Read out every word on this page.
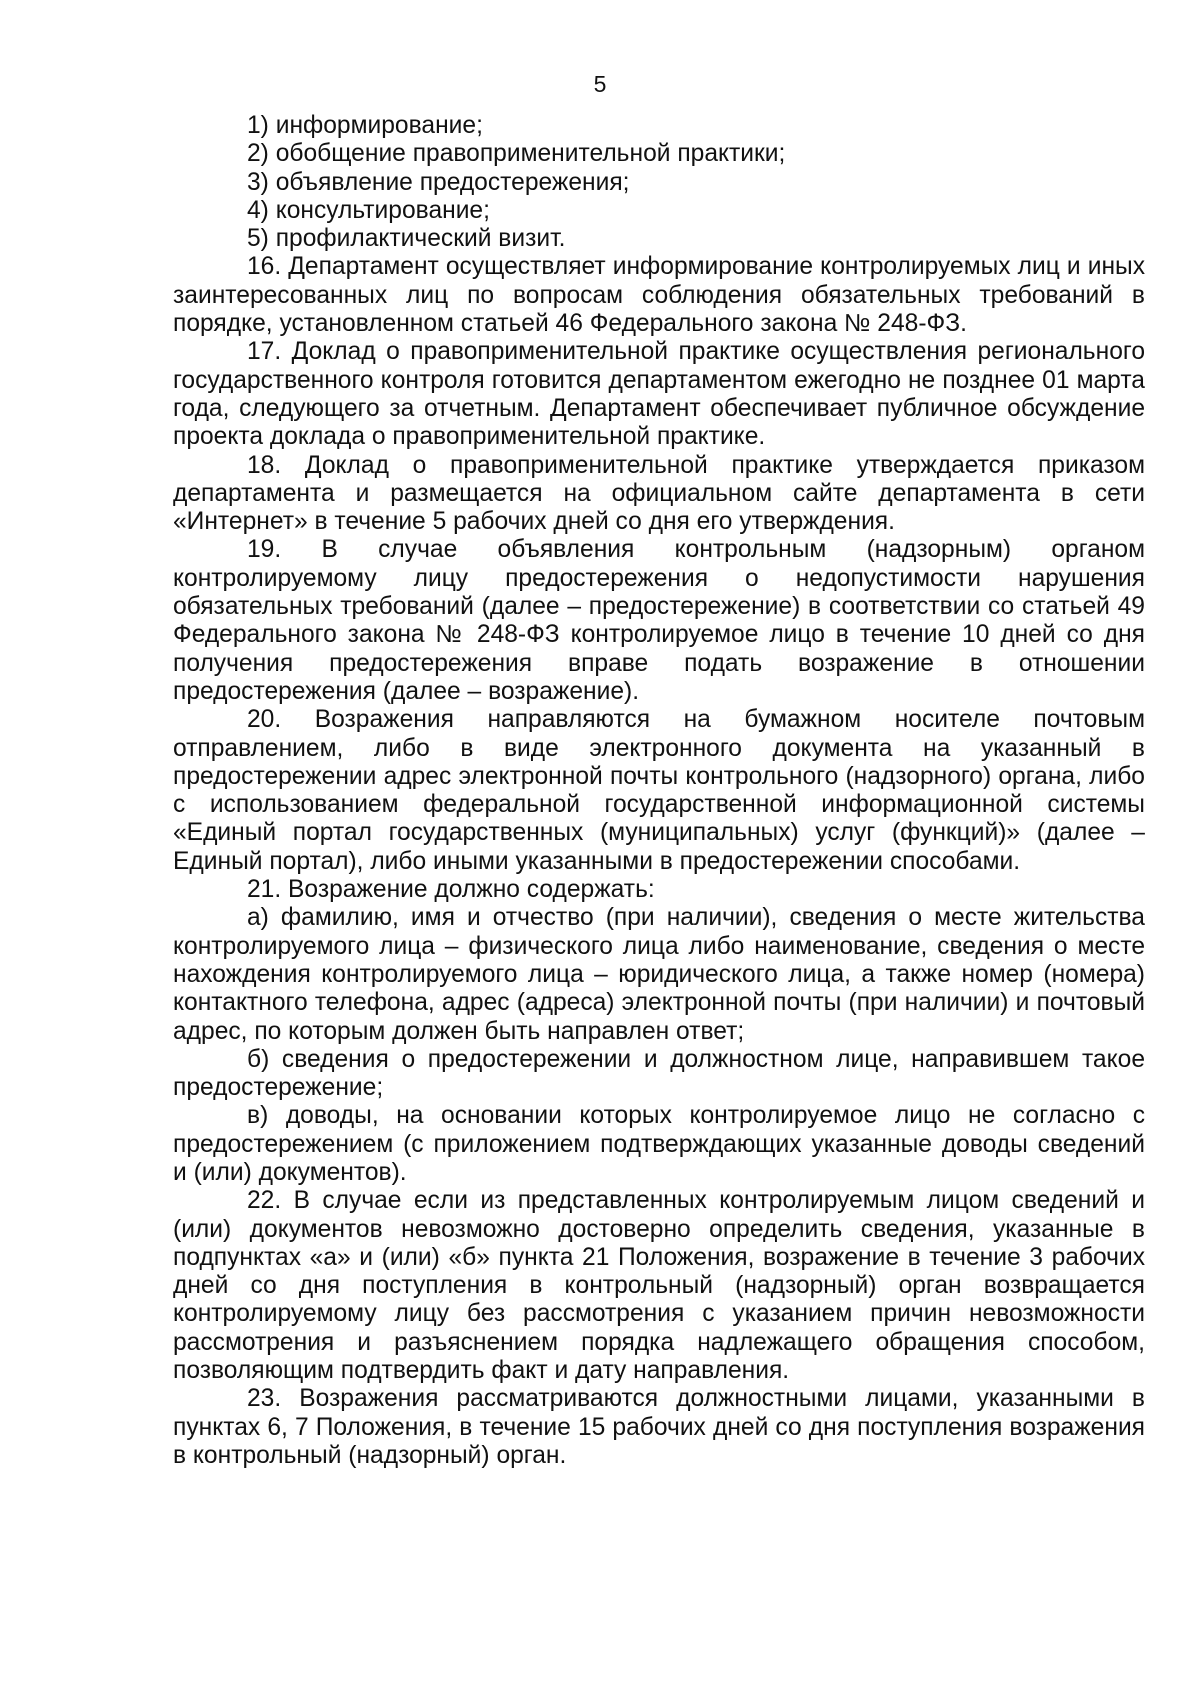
5

1) информирование;

2) обобщение правоприменительной практики;

3) объявление предостережения;

4) консультирование;

5) профилактический визит.

16. Департамент осуществляет информирование контролируемых лиц и иных заинтересованных лиц по вопросам соблюдения обязательных требований в порядке, установленном статьей 46 Федерального закона № 248-ФЗ.

17. Доклад о правоприменительной практике осуществления регионального государственного контроля готовится департаментом ежегодно не позднее 01 марта года, следующего за отчетным. Департамент обеспечивает публичное обсуждение проекта доклада о правоприменительной практике.

18. Доклад о правоприменительной практике утверждается приказом департамента и размещается на официальном сайте департамента в сети «Интернет» в течение 5 рабочих дней со дня его утверждения.

19. В случае объявления контрольным (надзорным) органом контролируемому лицу предостережения о недопустимости нарушения обязательных требований (далее – предостережение) в соответствии со статьей 49 Федерального закона № 248-ФЗ контролируемое лицо в течение 10 дней со дня получения предостережения вправе подать возражение в отношении предостережения (далее – возражение).

20. Возражения направляются на бумажном носителе почтовым отправлением, либо в виде электронного документа на указанный в предостережении адрес электронной почты контрольного (надзорного) органа, либо с использованием федеральной государственной информационной системы «Единый портал государственных (муниципальных) услуг (функций)» (далее – Единый портал), либо иными указанными в предостережении способами.

21. Возражение должно содержать:

а) фамилию, имя и отчество (при наличии), сведения о месте жительства контролируемого лица – физического лица либо наименование, сведения о месте нахождения контролируемого лица – юридического лица, а также номер (номера) контактного телефона, адрес (адреса) электронной почты (при наличии) и почтовый адрес, по которым должен быть направлен ответ;

б) сведения о предостережении и должностном лице, направившем такое предостережение;

в) доводы, на основании которых контролируемое лицо не согласно с предостережением (с приложением подтверждающих указанные доводы сведений и (или) документов).

22. В случае если из представленных контролируемым лицом сведений и (или) документов невозможно достоверно определить сведения, указанные в подпунктах «а» и (или) «б» пункта 21 Положения, возражение в течение 3 рабочих дней со дня поступления в контрольный (надзорный) орган возвращается контролируемому лицу без рассмотрения с указанием причин невозможности рассмотрения и разъяснением порядка надлежащего обращения способом, позволяющим подтвердить факт и дату направления.

23. Возражения рассматриваются должностными лицами, указанными в пунктах 6, 7 Положения, в течение 15 рабочих дней со дня поступления возражения в контрольный (надзорный) орган.
